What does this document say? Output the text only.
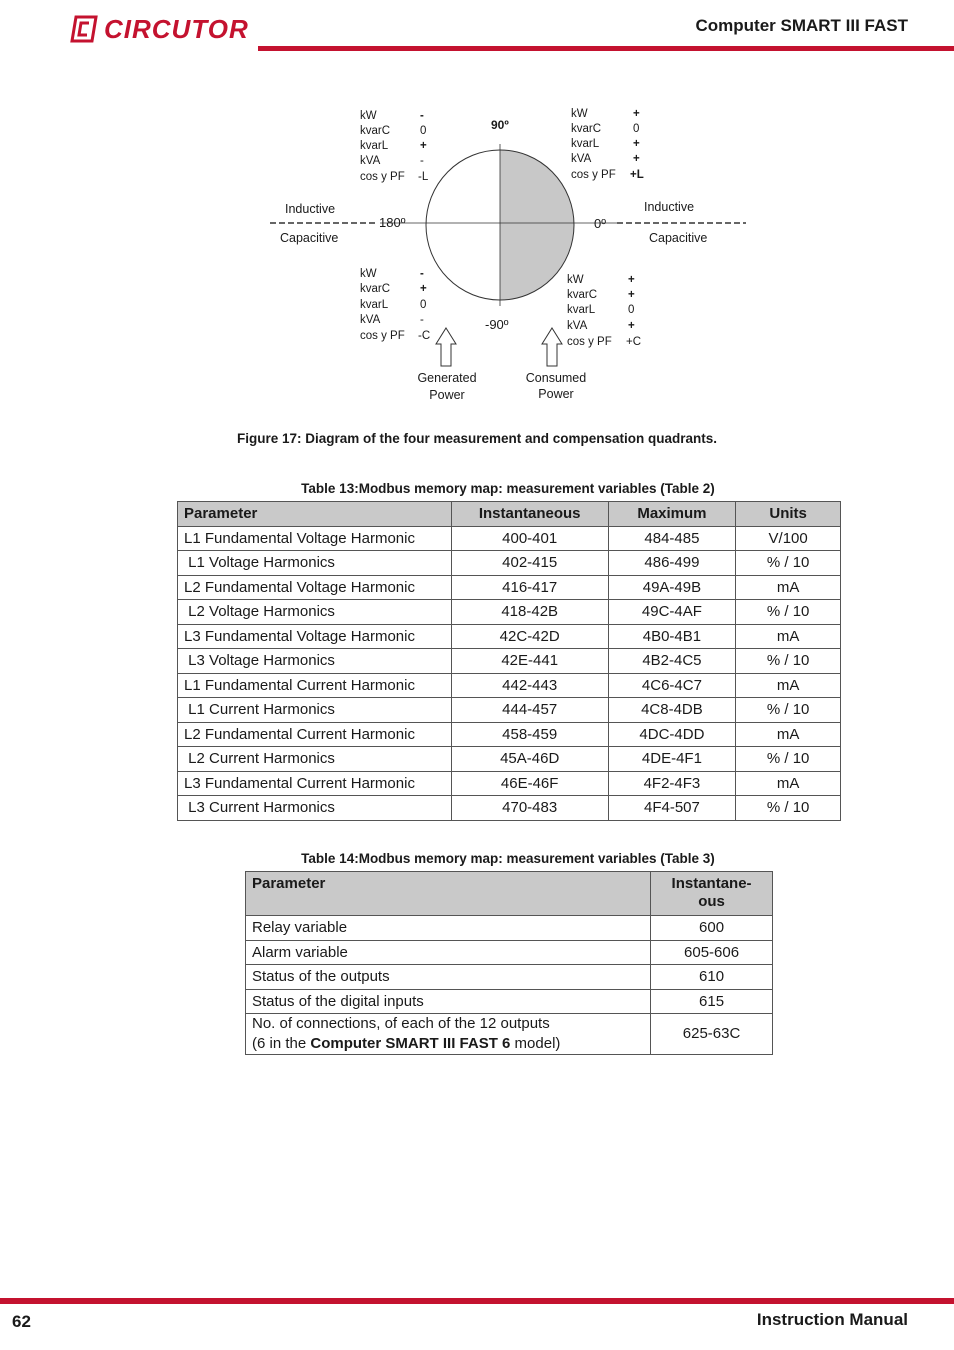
CIRCUTOR	Computer SMART III FAST
90º
180º	0º
-90º
Inductive
Capacitive
Inductive
Capacitive
kW
kvarC
kvarL
kVA
cos y PF
-
0
+
-
-L
kW
kvarC
kvarL
kVA
cos y PF
+
0
+
+
+L
kW
kvarC
kvarL
kVA
cos y PF
-
+
0
-
-C
kW
kvarC
kvarL
kVA
cos y PF
+
+
0
+
+C
Generated
Power
Consumed
Power
Figure 17: Diagram of the four measurement and compensation quadrants.
Table 13:Modbus memory map: measurement variables (Table 2)
Parameter	Instantaneous	Maximum	Units
L1 Fundamental Voltage Harmonic	400-401	484-485	V/100
L1 Voltage Harmonics	402-415	486-499	% / 10
L2 Fundamental Voltage Harmonic	416-417	49A-49B	mA
L2 Voltage Harmonics	418-42B	49C-4AF	% / 10
L3 Fundamental Voltage Harmonic	42C-42D	4B0-4B1	mA
L3 Voltage Harmonics	42E-441	4B2-4C5	% / 10
L1 Fundamental Current Harmonic	442-443	4C6-4C7	mA
L1 Current Harmonics	444-457	4C8-4DB	% / 10
L2 Fundamental Current Harmonic	458-459	4DC-4DD	mA
L2 Current Harmonics	45A-46D	4DE-4F1	% / 10
L3 Fundamental Current Harmonic	46E-46F	4F2-4F3	mA
L3 Current Harmonics	470-483	4F4-507	% / 10
Table 14:Modbus memory map: measurement variables (Table 3)
Parameter	Instantane-
ous
Relay variable	600
Alarm variable	605-606
Status of the outputs	610
Status of the digital inputs	615
No. of connections, of each of the 12 outputs
(6 in the Computer SMART III FAST 6 model)	625-63C
62	Instruction Manual
